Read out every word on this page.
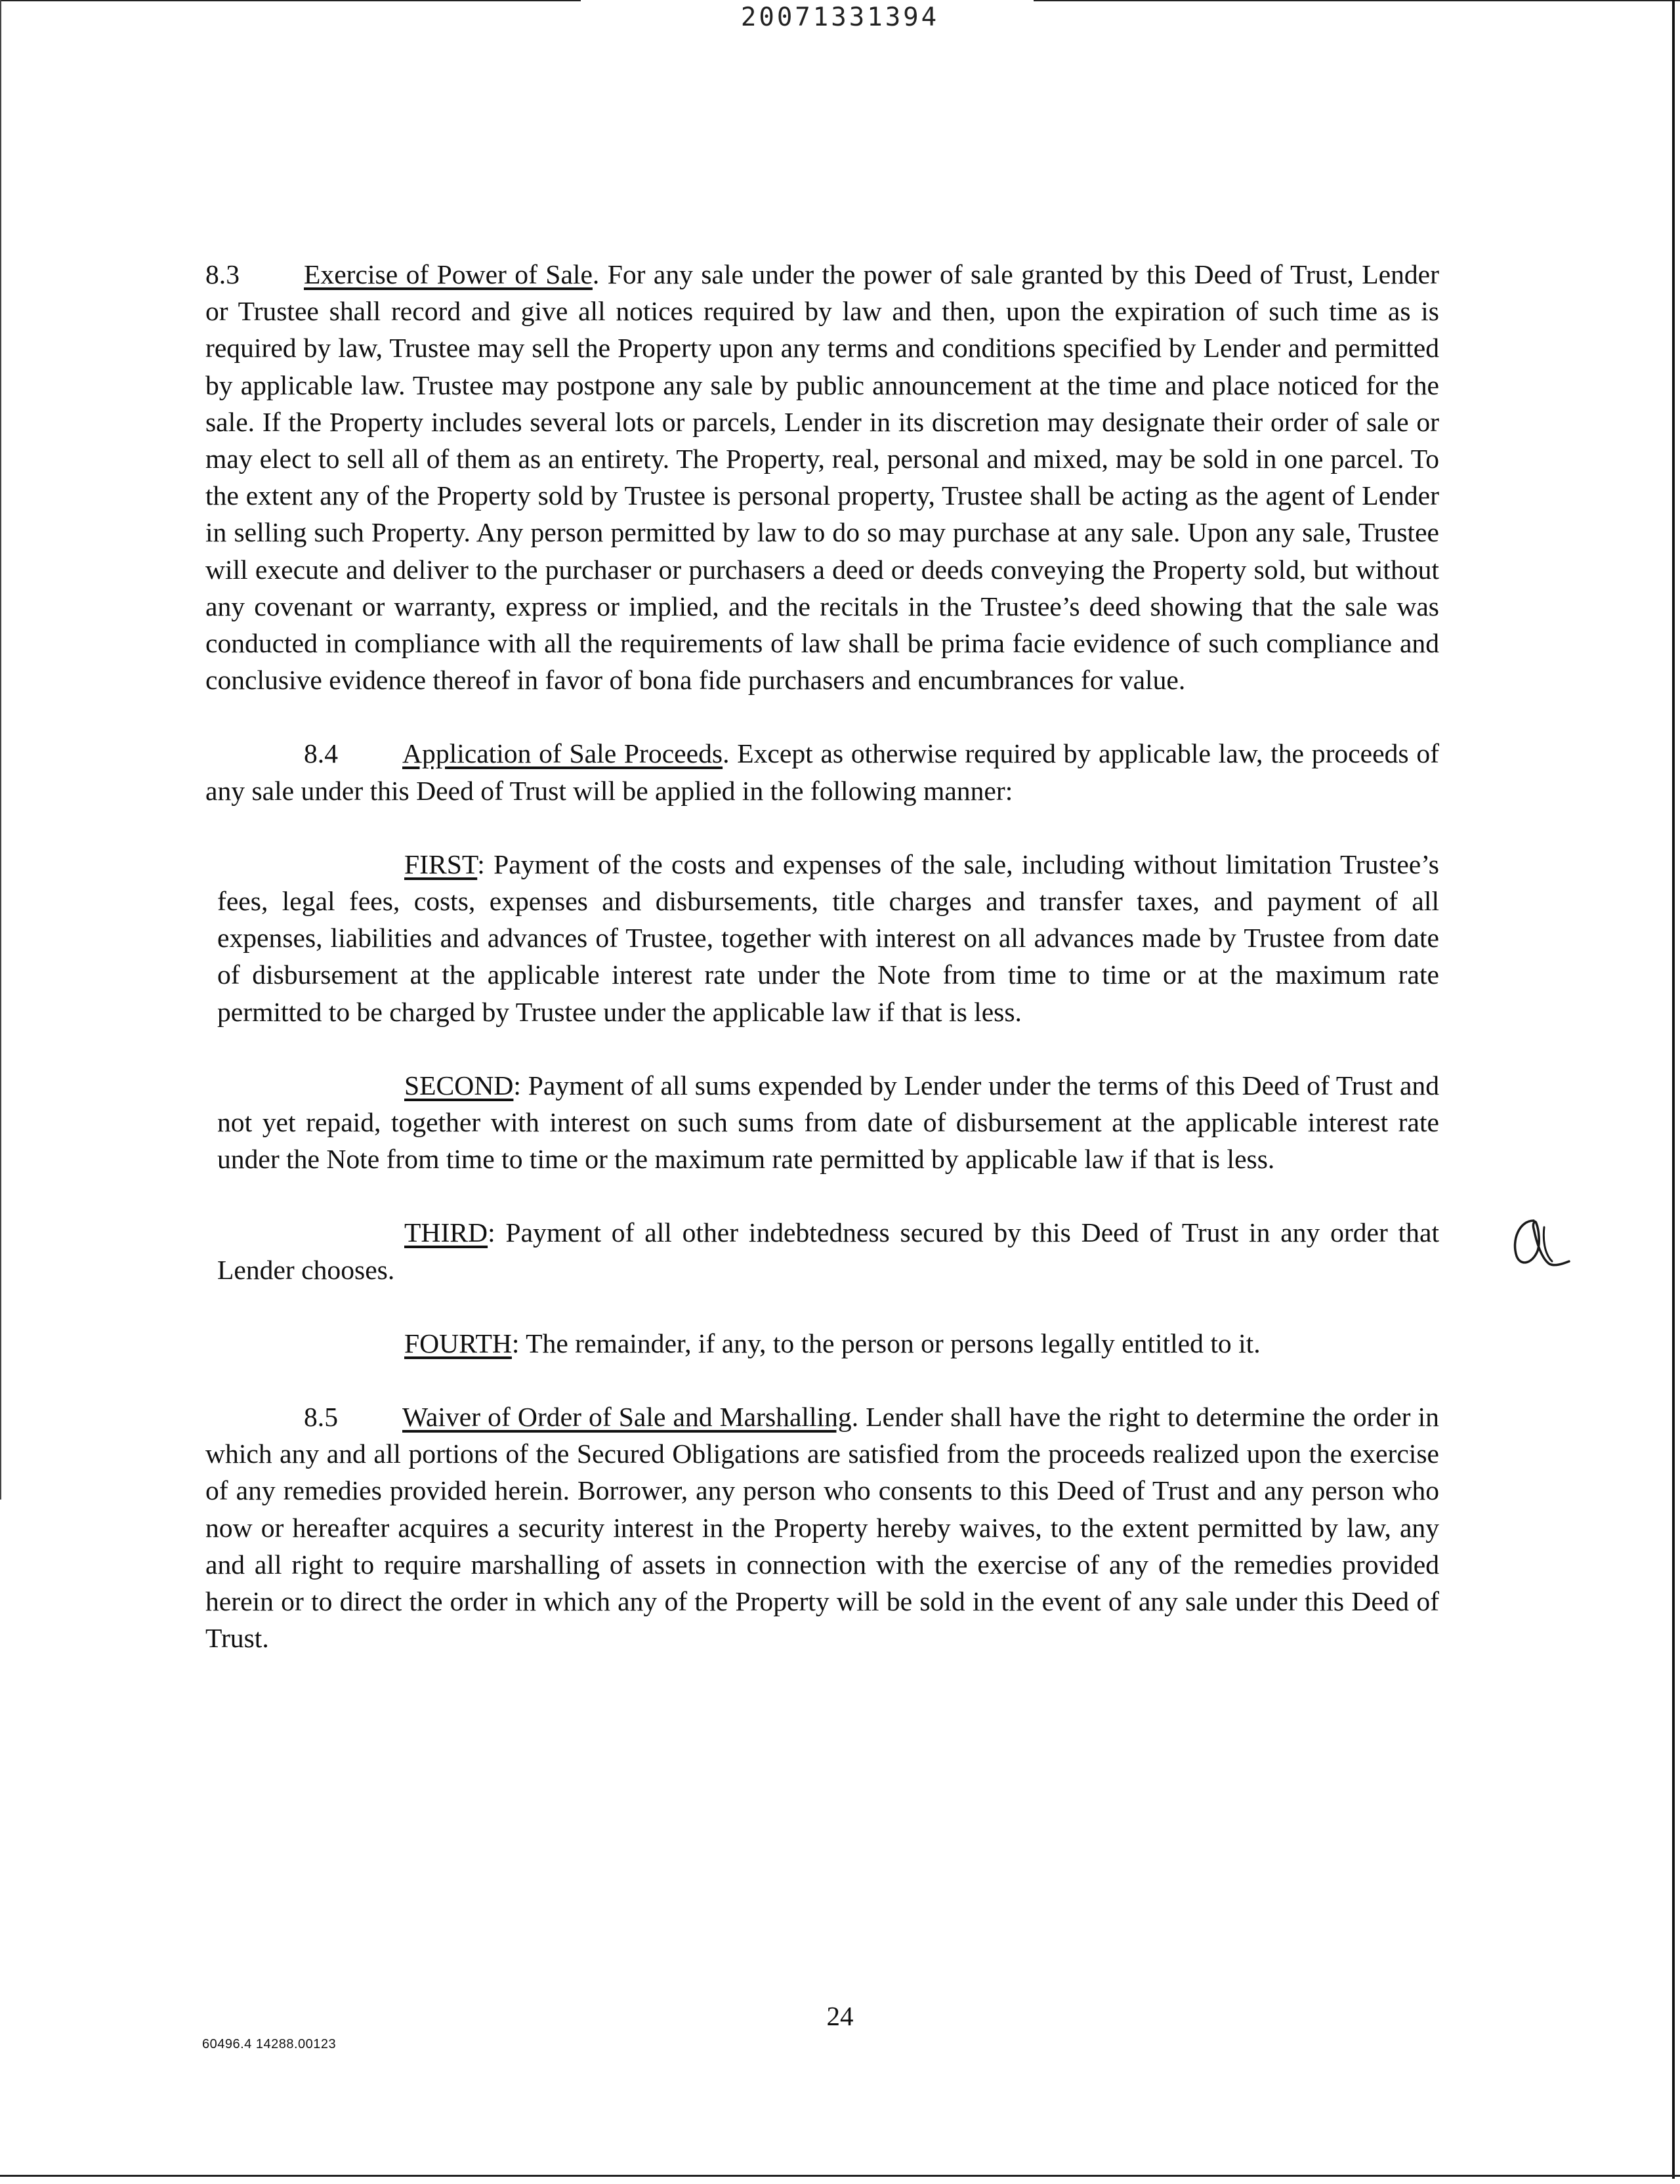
20071331394

8.3 Exercise of Power of Sale. For any sale under the power of sale granted by this Deed of Trust, Lender or Trustee shall record and give all notices required by law and then, upon the expiration of such time as is required by law, Trustee may sell the Property upon any terms and conditions specified by Lender and permitted by applicable law. Trustee may postpone any sale by public announcement at the time and place noticed for the sale. If the Property includes several lots or parcels, Lender in its discretion may designate their order of sale or may elect to sell all of them as an entirety. The Property, real, personal and mixed, may be sold in one parcel. To the extent any of the Property sold by Trustee is personal property, Trustee shall be acting as the agent of Lender in selling such Property. Any person permitted by law to do so may purchase at any sale. Upon any sale, Trustee will execute and deliver to the purchaser or purchasers a deed or deeds conveying the Property sold, but without any covenant or warranty, express or implied, and the recitals in the Trustee’s deed showing that the sale was conducted in compliance with all the requirements of law shall be prima facie evidence of such compliance and conclusive evidence thereof in favor of bona fide purchasers and encumbrances for value.

8.4 Application of Sale Proceeds. Except as otherwise required by applicable law, the proceeds of any sale under this Deed of Trust will be applied in the following manner:

FIRST: Payment of the costs and expenses of the sale, including without limitation Trustee’s fees, legal fees, costs, expenses and disbursements, title charges and transfer taxes, and payment of all expenses, liabilities and advances of Trustee, together with interest on all advances made by Trustee from date of disbursement at the applicable interest rate under the Note from time to time or at the maximum rate permitted to be charged by Trustee under the applicable law if that is less.

SECOND: Payment of all sums expended by Lender under the terms of this Deed of Trust and not yet repaid, together with interest on such sums from date of disbursement at the applicable interest rate under the Note from time to time or the maximum rate permitted by applicable law if that is less.

THIRD: Payment of all other indebtedness secured by this Deed of Trust in any order that Lender chooses.

FOURTH: The remainder, if any, to the person or persons legally entitled to it.

8.5 Waiver of Order of Sale and Marshalling. Lender shall have the right to determine the order in which any and all portions of the Secured Obligations are satisfied from the proceeds realized upon the exercise of any remedies provided herein. Borrower, any person who consents to this Deed of Trust and any person who now or hereafter acquires a security interest in the Property hereby waives, to the extent permitted by law, any and all right to require marshalling of assets in connection with the exercise of any of the remedies provided herein or to direct the order in which any of the Property will be sold in the event of any sale under this Deed of Trust.

24
60496.4 14288.00123
